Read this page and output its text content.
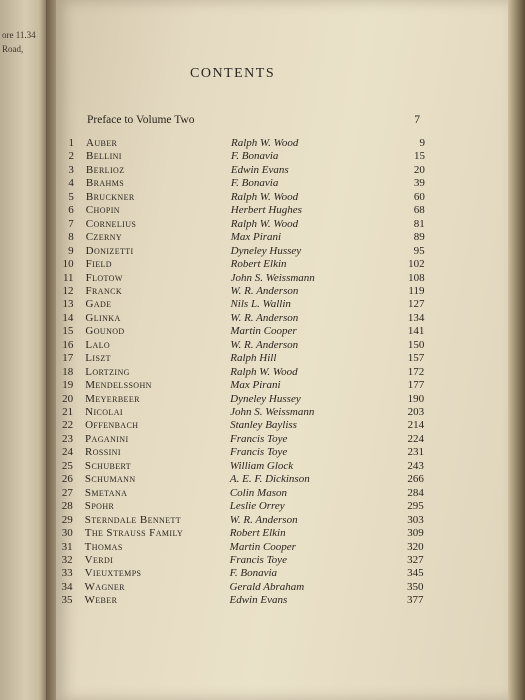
ore 11.34
Road,
CONTENTS
Preface to Volume Two	7
1 Auber	Ralph W. Wood	9
2 Bellini	F. Bonavia	15
3 Berlioz	Edwin Evans	20
4 Brahms	F. Bonavia	39
5 Bruckner	Ralph W. Wood	60
6 Chopin	Herbert Hughes	68
7 Cornelius	Ralph W. Wood	81
8 Czerny	Max Pirani	89
9 Donizetti	Dyneley Hussey	95
10 Field	Robert Elkin	102
11 Flotow	John S. Weissmann	108
12 Franck	W. R. Anderson	119
13 Gade	Nils L. Wallin	127
14 Glinka	W. R. Anderson	134
15 Gounod	Martin Cooper	141
16 Lalo	W. R. Anderson	150
17 Liszt	Ralph Hill	157
18 Lortzing	Ralph W. Wood	172
19 Mendelssohn	Max Pirani	177
20 Meyerbeer	Dyneley Hussey	190
21 Nicolai	John S. Weissmann	203
22 Offenbach	Stanley Bayliss	214
23 Paganini	Francis Toye	224
24 Rossini	Francis Toye	231
25 Schubert	William Glock	243
26 Schumann	A. E. F. Dickinson	266
27 Smetana	Colin Mason	284
28 Spohr	Leslie Orrey	295
29 Sterndale Bennett	W. R. Anderson	303
30 The Strauss Family	Robert Elkin	309
31 Thomas	Martin Cooper	320
32 Verdi	Francis Toye	327
33 Vieuxtemps	F. Bonavia	345
34 Wagner	Gerald Abraham	350
35 Weber	Edwin Evans	377
